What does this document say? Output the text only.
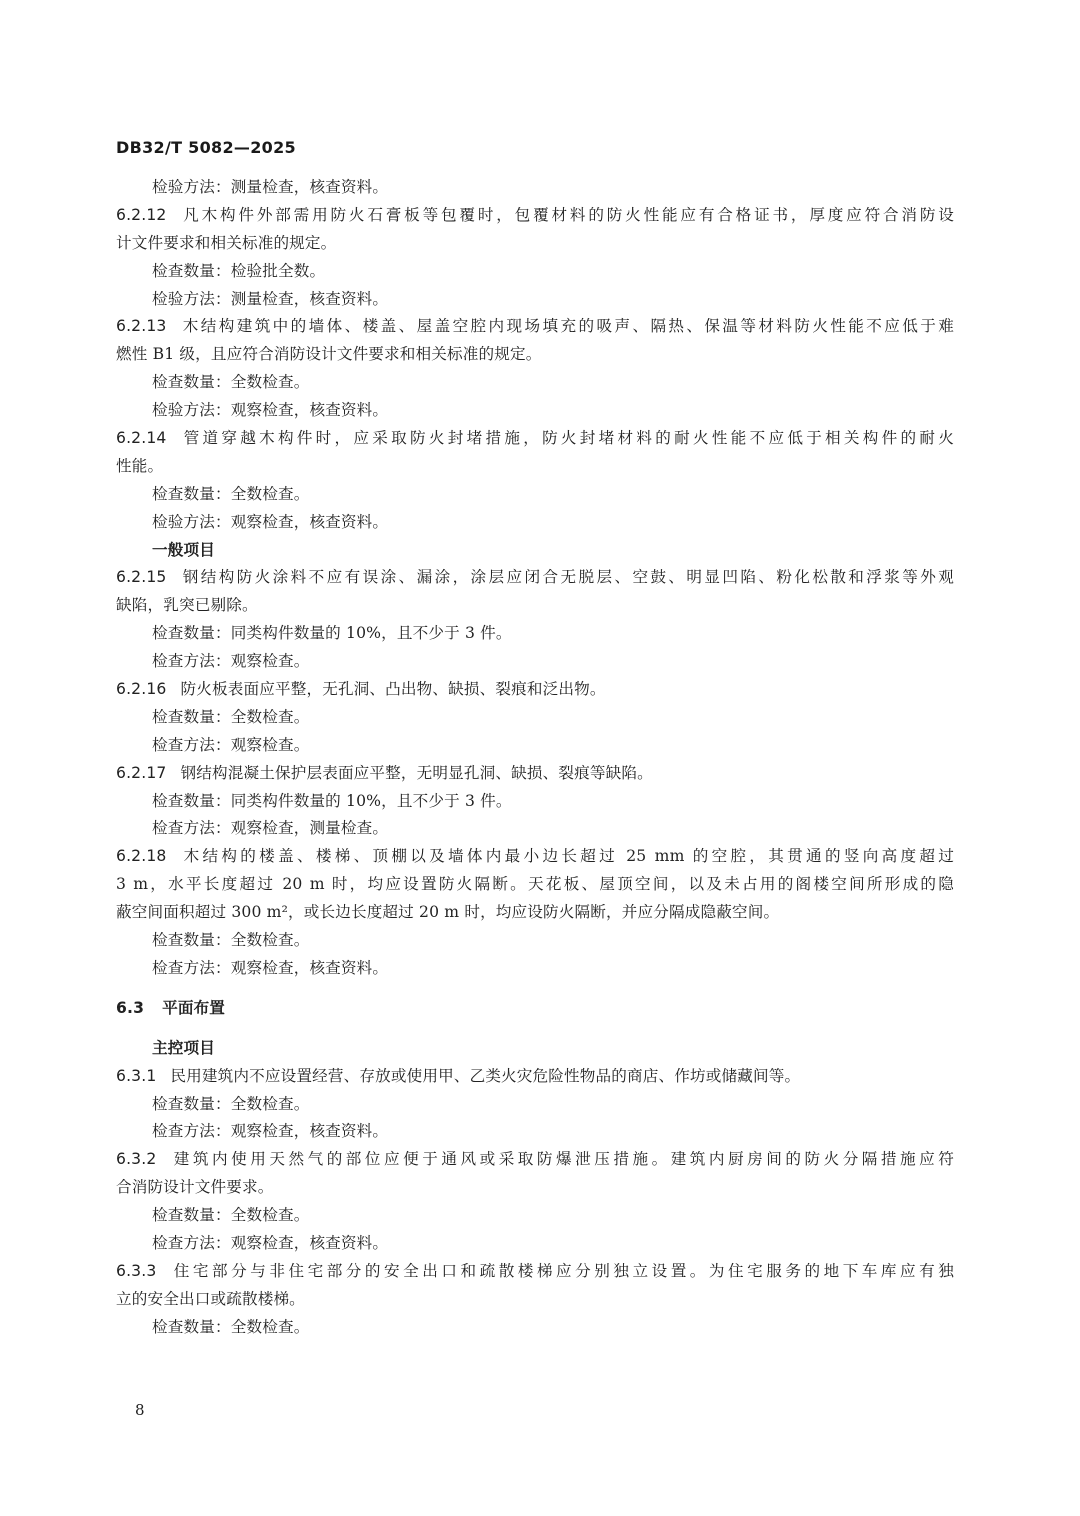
DB32/T 5082—2025
检验方法：测量检查，核查资料。
6.2.12 凡木构件外部需用防火石膏板等包覆时，包覆材料的防火性能应有合格证书，厚度应符合消防设
计文件要求和相关标准的规定。
检查数量：检验批全数。
检验方法：测量检查，核查资料。
6.2.13 木结构建筑中的墙体、楼盖、屋盖空腔内现场填充的吸声、隔热、保温等材料防火性能不应低于难
燃性 B1 级，且应符合消防设计文件要求和相关标准的规定。
检查数量：全数检查。
检验方法：观察检查，核查资料。
6.2.14 管道穿越木构件时，应采取防火封堵措施，防火封堵材料的耐火性能不应低于相关构件的耐火
性能。
检查数量：全数检查。
检验方法：观察检查，核查资料。
一般项目
6.2.15 钢结构防火涂料不应有误涂、漏涂，涂层应闭合无脱层、空鼓、明显凹陷、粉化松散和浮浆等外观
缺陷，乳突已剔除。
检查数量：同类构件数量的 10%，且不少于 3 件。
检查方法：观察检查。
6.2.16 防火板表面应平整，无孔洞、凸出物、缺损、裂痕和泛出物。
检查数量：全数检查。
检查方法：观察检查。
6.2.17 钢结构混凝土保护层表面应平整，无明显孔洞、缺损、裂痕等缺陷。
检查数量：同类构件数量的 10%，且不少于 3 件。
检查方法：观察检查，测量检查。
6.2.18 木结构的楼盖、楼梯、顶棚以及墙体内最小边长超过 25 mm 的空腔，其贯通的竖向高度超过
3 m，水平长度超过 20 m 时，均应设置防火隔断。天花板、屋顶空间，以及未占用的阁楼空间所形成的隐
蔽空间面积超过 300 m²，或长边长度超过 20 m 时，均应设防火隔断，并应分隔成隐蔽空间。
检查数量：全数检查。
检查方法：观察检查，核查资料。
6.3 平面布置
主控项目
6.3.1 民用建筑内不应设置经营、存放或使用甲、乙类火灾危险性物品的商店、作坊或储藏间等。
检查数量：全数检查。
检查方法：观察检查，核查资料。
6.3.2 建筑内使用天然气的部位应便于通风或采取防爆泄压措施。建筑内厨房间的防火分隔措施应符
合消防设计文件要求。
检查数量：全数检查。
检查方法：观察检查，核查资料。
6.3.3 住宅部分与非住宅部分的安全出口和疏散楼梯应分别独立设置。为住宅服务的地下车库应有独
立的安全出口或疏散楼梯。
检查数量：全数检查。
8
